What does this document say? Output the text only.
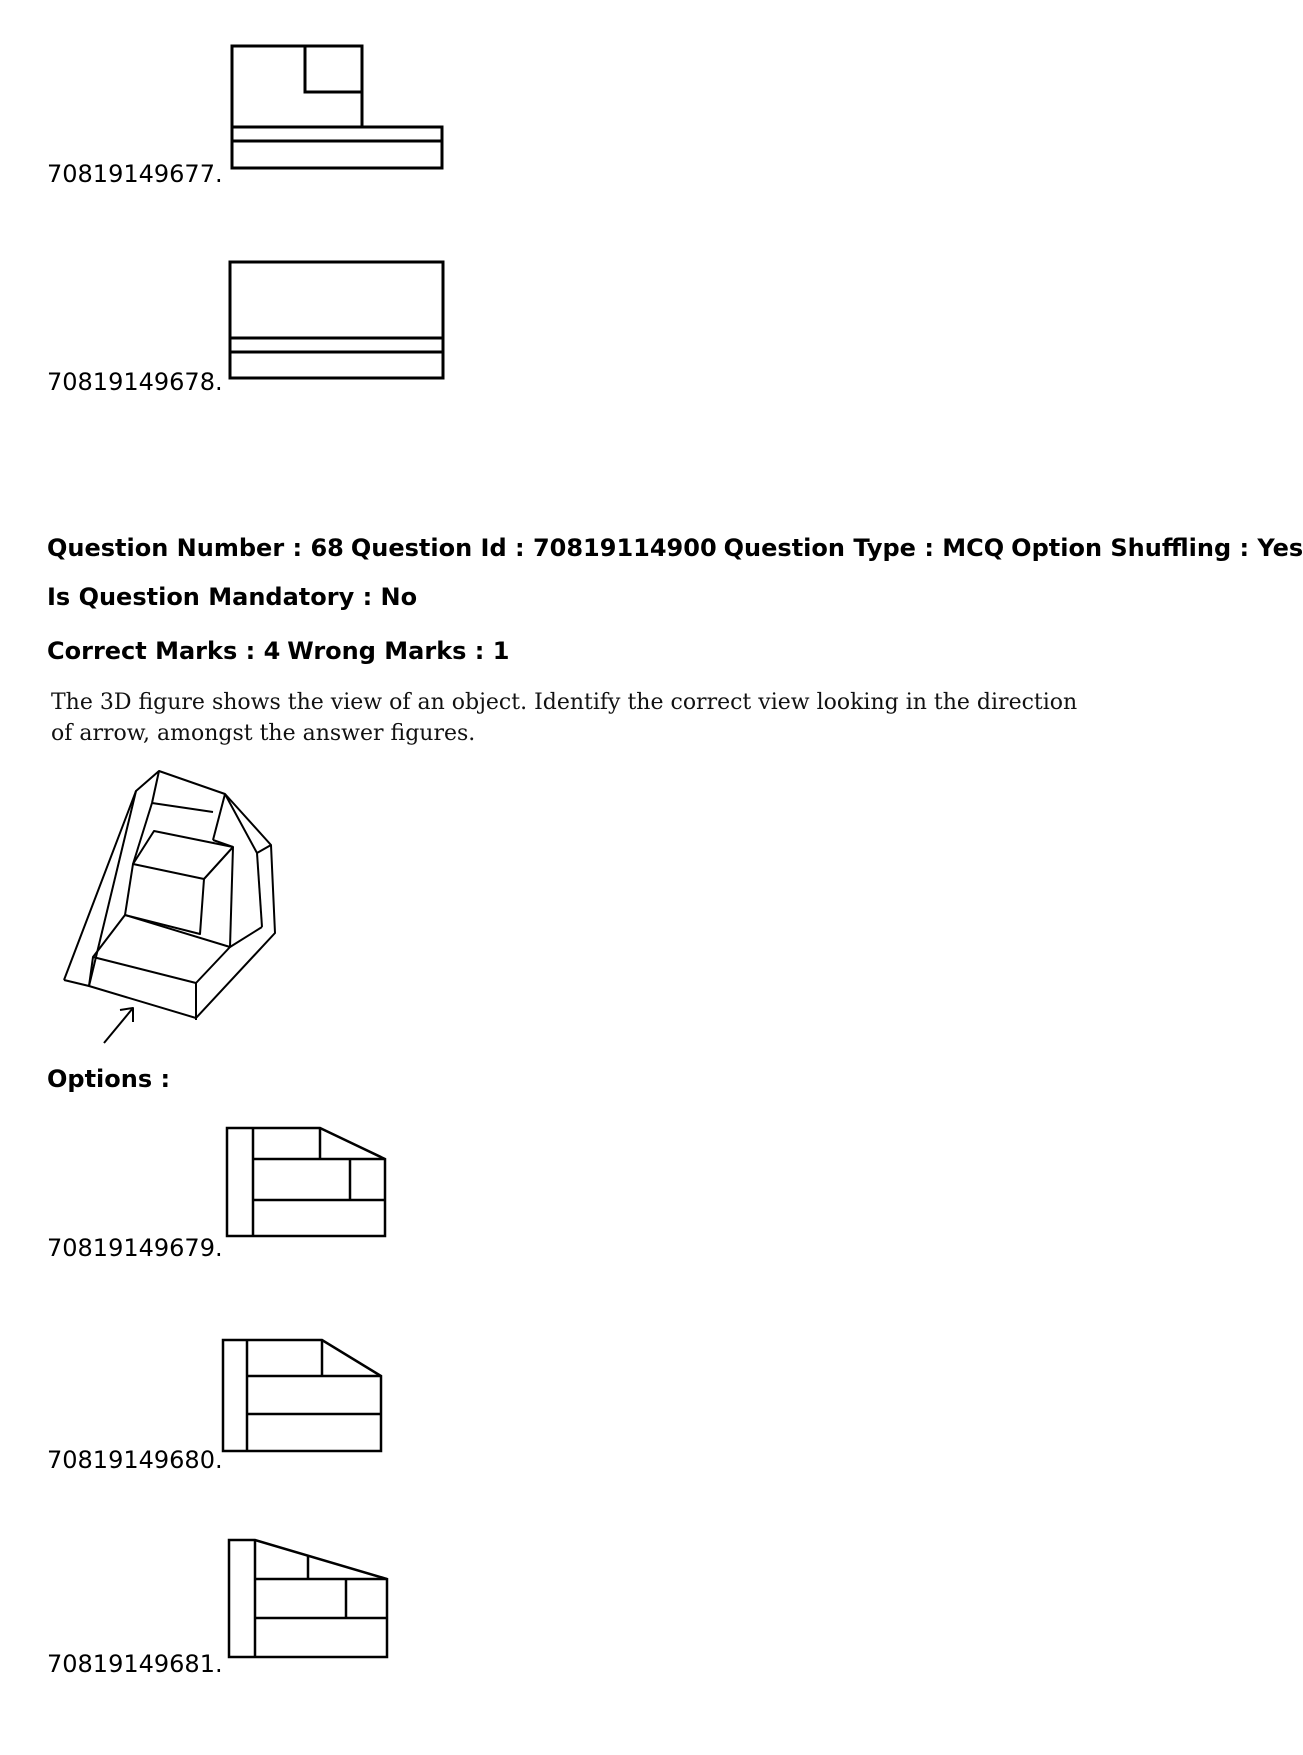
70819149677.
70819149678.
Question Number : 68 Question Id : 70819114900 Question Type : MCQ Option Shuffling : Yes
Is Question Mandatory : No
Correct Marks : 4 Wrong Marks : 1
The 3D figure shows the view of an object. Identify the correct view looking in the direction
of arrow, amongst the answer figures.
Options :
70819149679.
70819149680.
70819149681.
